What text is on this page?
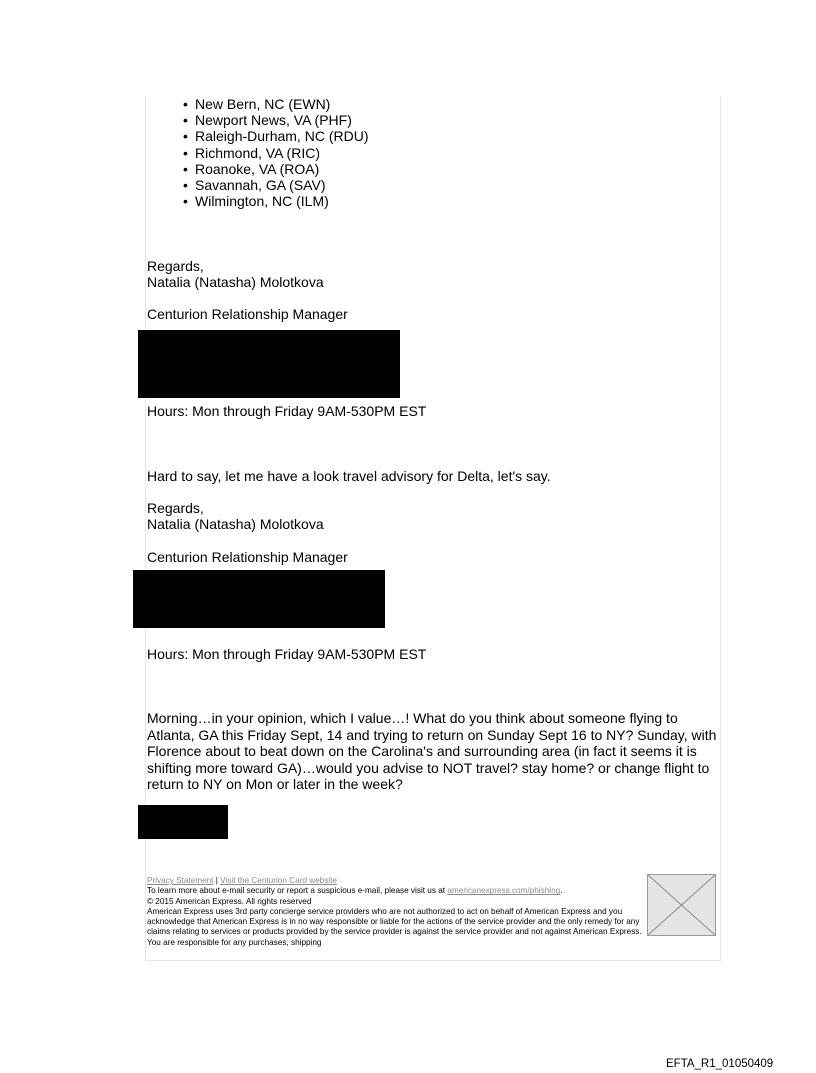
• New Bern, NC (EWN)
• Newport News, VA (PHF)
• Raleigh-Durham, NC (RDU)
• Richmond, VA (RIC)
• Roanoke, VA (ROA)
• Savannah, GA (SAV)
• Wilmington, NC (ILM)
Regards,
Natalia (Natasha) Molotkova
Centurion Relationship Manager
Hours: Mon through Friday 9AM-530PM EST
Hard to say, let me have a look travel advisory for Delta, let's say.
Regards,
Natalia (Natasha) Molotkova
Centurion Relationship Manager
Hours: Mon through Friday 9AM-530PM EST
Morning…in your opinion, which I value…! What do you think about someone flying to Atlanta, GA this Friday Sept, 14 and trying to return on Sunday Sept 16 to NY? Sunday, with Florence about to beat down on the Carolina's and surrounding area (in fact it seems it is shifting more toward GA)…would you advise to NOT travel? stay home? or change flight to return to NY on Mon or later in the week?
Privacy Statement | Visit the Centurion Card website
To learn more about e-mail security or report a suspicious e-mail, please visit us at americanexpress.com/phishing.
© 2015 American Express. All rights reserved
American Express uses 3rd party concierge service providers who are not authorized to act on behalf of American Express and you acknowledge that American Express is in no way responsible or liable for the actions of the service provider and the only remedy for any claims relating to services or products provided by the service provider is against the service provider and not against American Express. You are responsible for any purchases, shipping
EFTA_R1_01050409
